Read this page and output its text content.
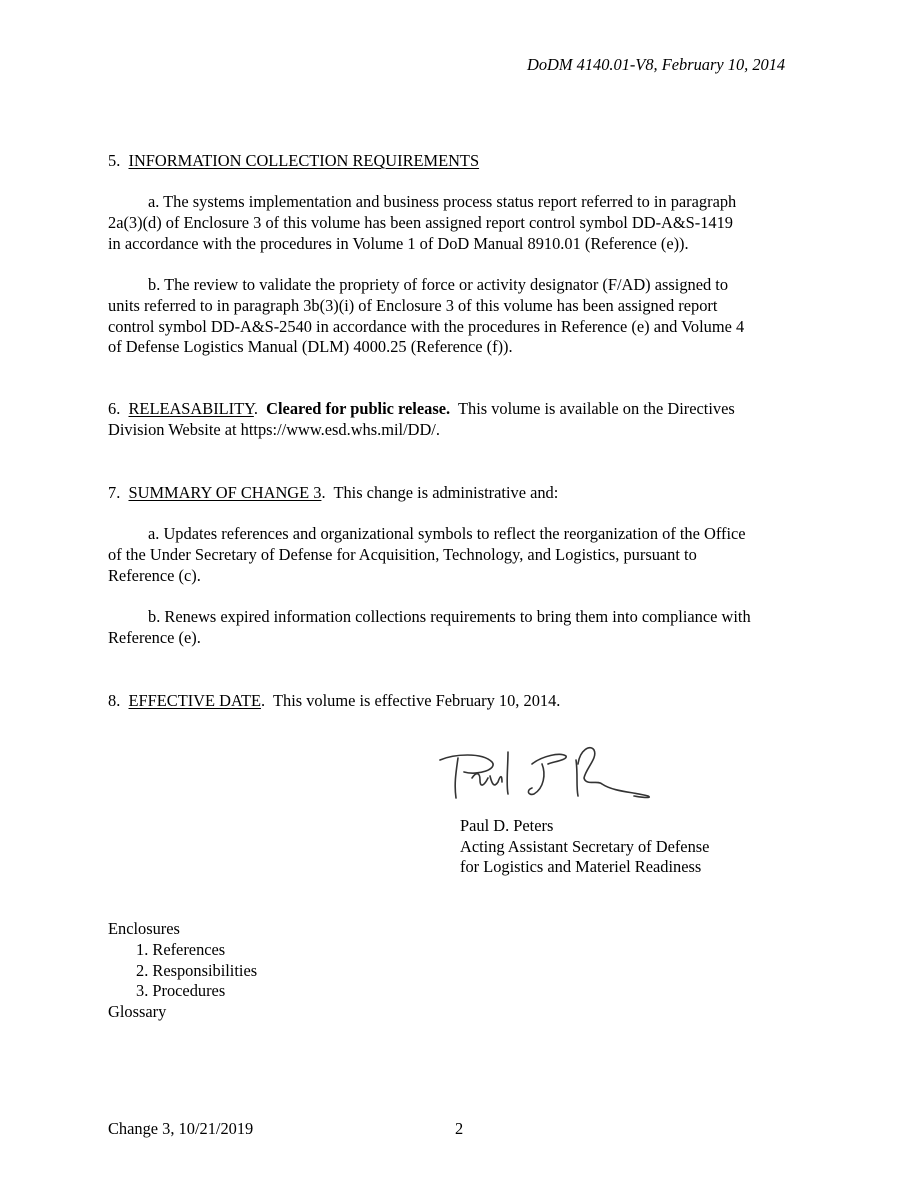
DoDM 4140.01-V8, February 10, 2014
5. INFORMATION COLLECTION REQUIREMENTS
a. The systems implementation and business process status report referred to in paragraph
2a(3)(d) of Enclosure 3 of this volume has been assigned report control symbol DD-A&S-1419
in accordance with the procedures in Volume 1 of DoD Manual 8910.01 (Reference (e)).
b. The review to validate the propriety of force or activity designator (F/AD) assigned to
units referred to in paragraph 3b(3)(i) of Enclosure 3 of this volume has been assigned report
control symbol DD-A&S-2540 in accordance with the procedures in Reference (e) and Volume 4
of Defense Logistics Manual (DLM) 4000.25 (Reference (f)).
6. RELEASABILITY.  Cleared for public release. This volume is available on the Directives
Division Website at https://www.esd.whs.mil/DD/.
7. SUMMARY OF CHANGE 3.  This change is administrative and:
a. Updates references and organizational symbols to reflect the reorganization of the Office
of the Under Secretary of Defense for Acquisition, Technology, and Logistics, pursuant to
Reference (c).
b. Renews expired information collections requirements to bring them into compliance with
Reference (e).
8. EFFECTIVE DATE.  This volume is effective February 10, 2014.
Paul D. Peters
Acting Assistant Secretary of Defense
for Logistics and Materiel Readiness
Enclosures
1. References
2. Responsibilities
3. Procedures
Glossary
Change 3, 10/21/2019	2
